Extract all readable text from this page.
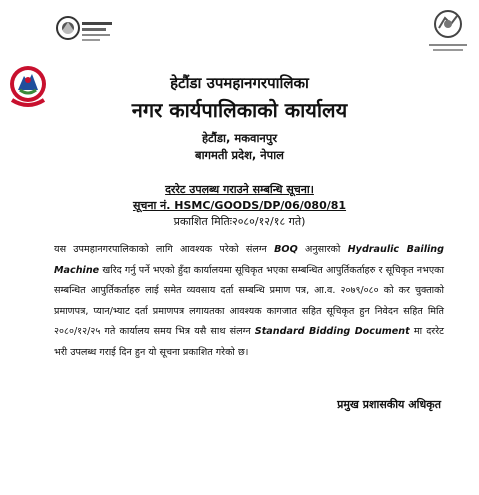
हेटौंडा उपमहानगरपालिका
नगर कार्यपालिकाको कार्यालय
हेटौंडा, मकवानपुर
बागमती प्रदेश, नेपाल
दररेट उपलब्ध गराउने सम्बन्धि सूचना।
सूचना नं. HSMC/GOODS/DP/06/080/81
प्रकाशित मितिः२०८०/१२/१८ गते)
यस उपमहानगरपालिकाको लागि आवश्यक परेको संलग्न BOQ अनुसारको Hydraulic Bailing Machine खरिद गर्नु पर्ने भएको हुँदा कार्यालयमा सूचिकृत भएका सम्बन्धित आपुर्तिकर्ताहरु र सूचिकृत नभएका सम्बन्धित आपुर्तिकर्ताहरु लाई समेत व्यवसाय दर्ता सम्बन्धि प्रमाण पत्र, आ.व. २०७९/०८० को कर चुक्ताको प्रमाणपत्र, प्यान/भ्याट दर्ता प्रमाणपत्र लगायतका आवश्यक कागजात सहित सूचिकृत हुन निवेदन सहित मिति २०८०/१२/२५ गते कार्यालय समय भित्र यसै साथ संलग्न Standard Bidding Document मा दररेट भरी उपलब्ध गराई दिन हुन यो सूचना प्रकाशित गरेको छ।
प्रमुख प्रशासकीय अधिकृत
